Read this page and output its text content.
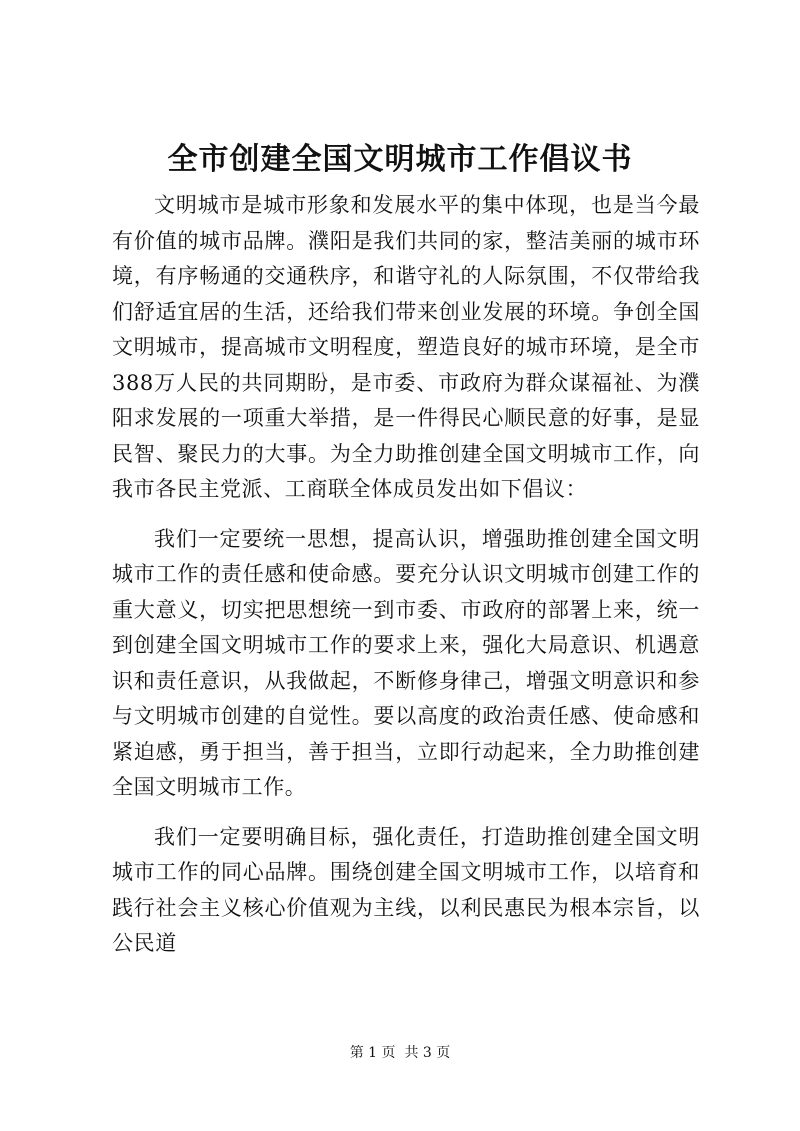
全市创建全国文明城市工作倡议书

文明城市是城市形象和发展水平的集中体现，也是当今最有价值的城市品牌。濮阳是我们共同的家，整洁美丽的城市环境，有序畅通的交通秩序，和谐守礼的人际氛围，不仅带给我们舒适宜居的生活，还给我们带来创业发展的环境。争创全国文明城市，提高城市文明程度，塑造良好的城市环境，是全市388万人民的共同期盼，是市委、市政府为群众谋福祉、为濮阳求发展的一项重大举措，是一件得民心顺民意的好事，是显民智、聚民力的大事。为全力助推创建全国文明城市工作，向我市各民主党派、工商联全体成员发出如下倡议：

我们一定要统一思想，提高认识，增强助推创建全国文明城市工作的责任感和使命感。要充分认识文明城市创建工作的重大意义，切实把思想统一到市委、市政府的部署上来，统一到创建全国文明城市工作的要求上来，强化大局意识、机遇意识和责任意识，从我做起，不断修身律己，增强文明意识和参与文明城市创建的自觉性。要以高度的政治责任感、使命感和紧迫感，勇于担当，善于担当，立即行动起来，全力助推创建全国文明城市工作。

我们一定要明确目标，强化责任，打造助推创建全国文明城市工作的同心品牌。围绕创建全国文明城市工作，以培育和践行社会主义核心价值观为主线，以利民惠民为根本宗旨，以公民道

第 1 页  共 3 页
